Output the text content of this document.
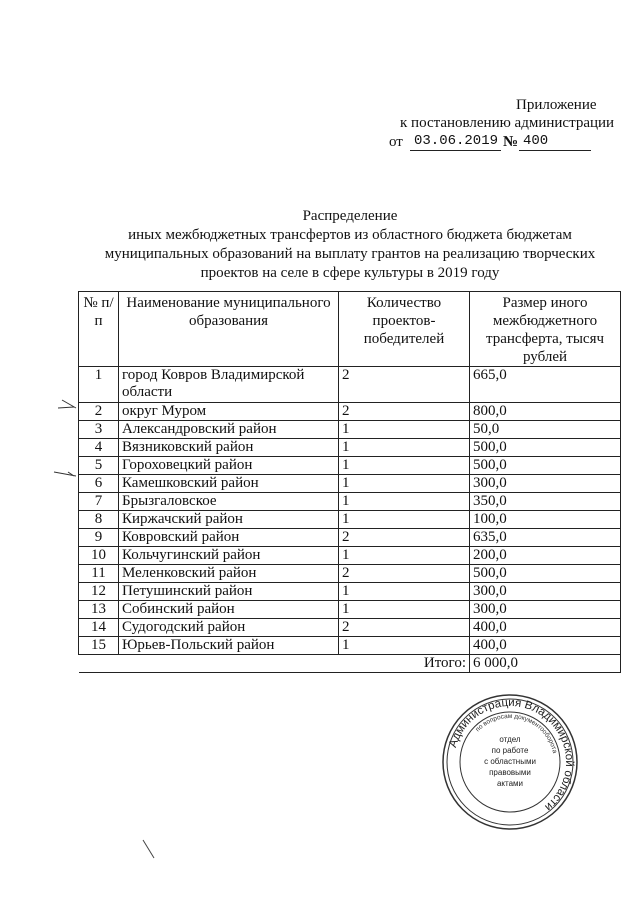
Приложение
к постановлению администрации
от 03.06.2019 № 400
Распределение
иных межбюджетных трансфертов из областного бюджета бюджетам
муниципальных образований на выплату грантов на реализацию творческих
проектов на селе в сфере культуры в 2019 году
№ п/п	Наименование муниципального образования	Количество проектов-победителей	Размер иного межбюджетного трансферта, тысяч рублей
1	город Ковров Владимирской области	2	665,0
2	округ Муром	2	800,0
3	Александровский район	1	50,0
4	Вязниковский район	1	500,0
5	Гороховецкий район	1	500,0
6	Камешковский район	1	300,0
7	Брызгаловское	1	350,0
8	Киржачский район	1	100,0
9	Ковровский район	2	635,0
10	Кольчугинский район	1	200,0
11	Меленковский район	2	500,0
12	Петушинский район	1	300,0
13	Собинский район	1	300,0
14	Судогодский район	2	400,0
15	Юрьев-Польский район	1	400,0
Итого:			6 000,0
Администрация Владимирской области
по вопросам документооборота
отдел
по работе
с областными
правовыми
актами
